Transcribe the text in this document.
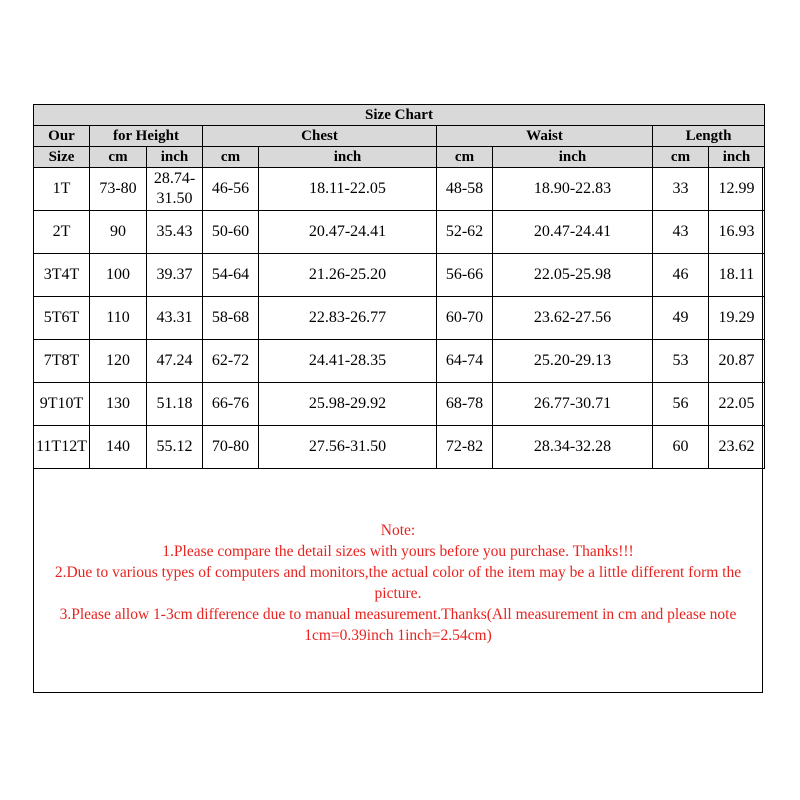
Size Chart								
Our	for Height		Chest		Waist		Length	
Size	cm	inch	cm	inch	cm	inch	cm	inch
1T	73-80	28.74-31.50	46-56	18.11-22.05	48-58	18.90-22.83	33	12.99
2T	90	35.43	50-60	20.47-24.41	52-62	20.47-24.41	43	16.93
3T4T	100	39.37	54-64	21.26-25.20	56-66	22.05-25.98	46	18.11
5T6T	110	43.31	58-68	22.83-26.77	60-70	23.62-27.56	49	19.29
7T8T	120	47.24	62-72	24.41-28.35	64-74	25.20-29.13	53	20.87
9T10T	130	51.18	66-76	25.98-29.92	68-78	26.77-30.71	56	22.05
11T12T	140	55.12	70-80	27.56-31.50	72-82	28.34-32.28	60	23.62
Note:
1.Please compare the detail sizes with yours before you purchase. Thanks!!!
2.Due to various types of computers and monitors,the actual color of the item may be a little different form the picture.
3.Please allow 1-3cm difference due to manual measurement.Thanks(All measurement in cm and please note 1cm=0.39inch 1inch=2.54cm)
